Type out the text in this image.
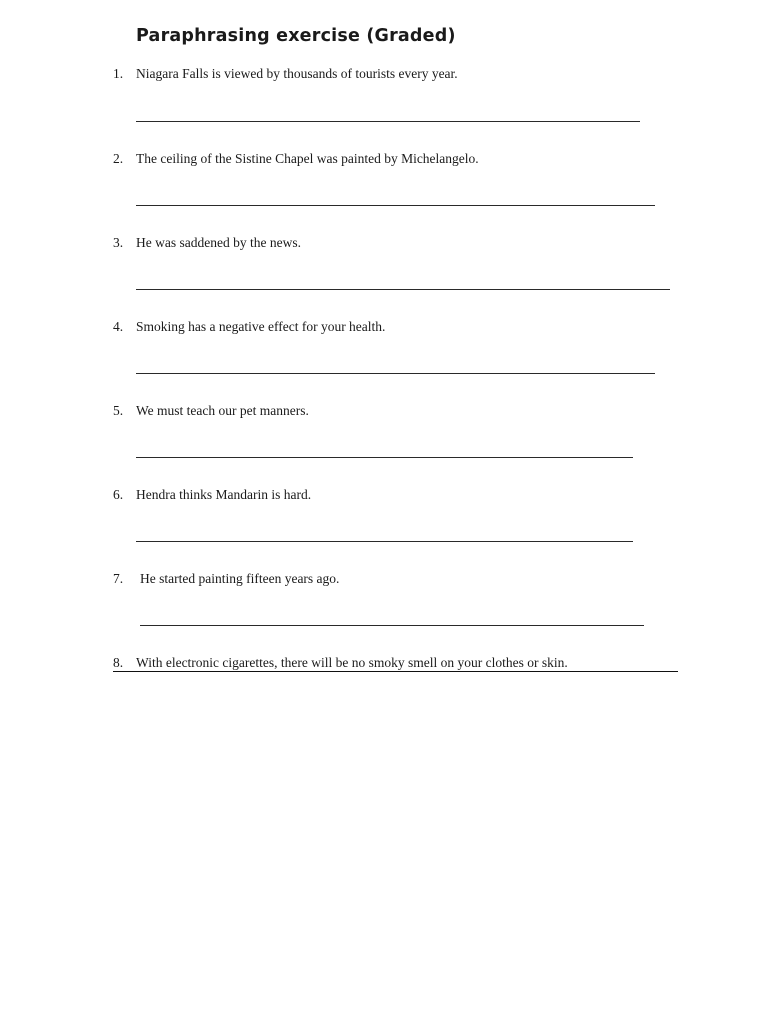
Paraphrasing exercise (Graded)
1. Niagara Falls is viewed by thousands of tourists every year.
2. The ceiling of the Sistine Chapel was painted by Michelangelo.
3. He was saddened by the news.
4. Smoking has a negative effect for your health.
5. We must teach our pet manners.
6. Hendra thinks Mandarin is hard.
7. He started painting fifteen years ago.
8. With electronic cigarettes, there will be no smoky smell on your clothes or skin.
